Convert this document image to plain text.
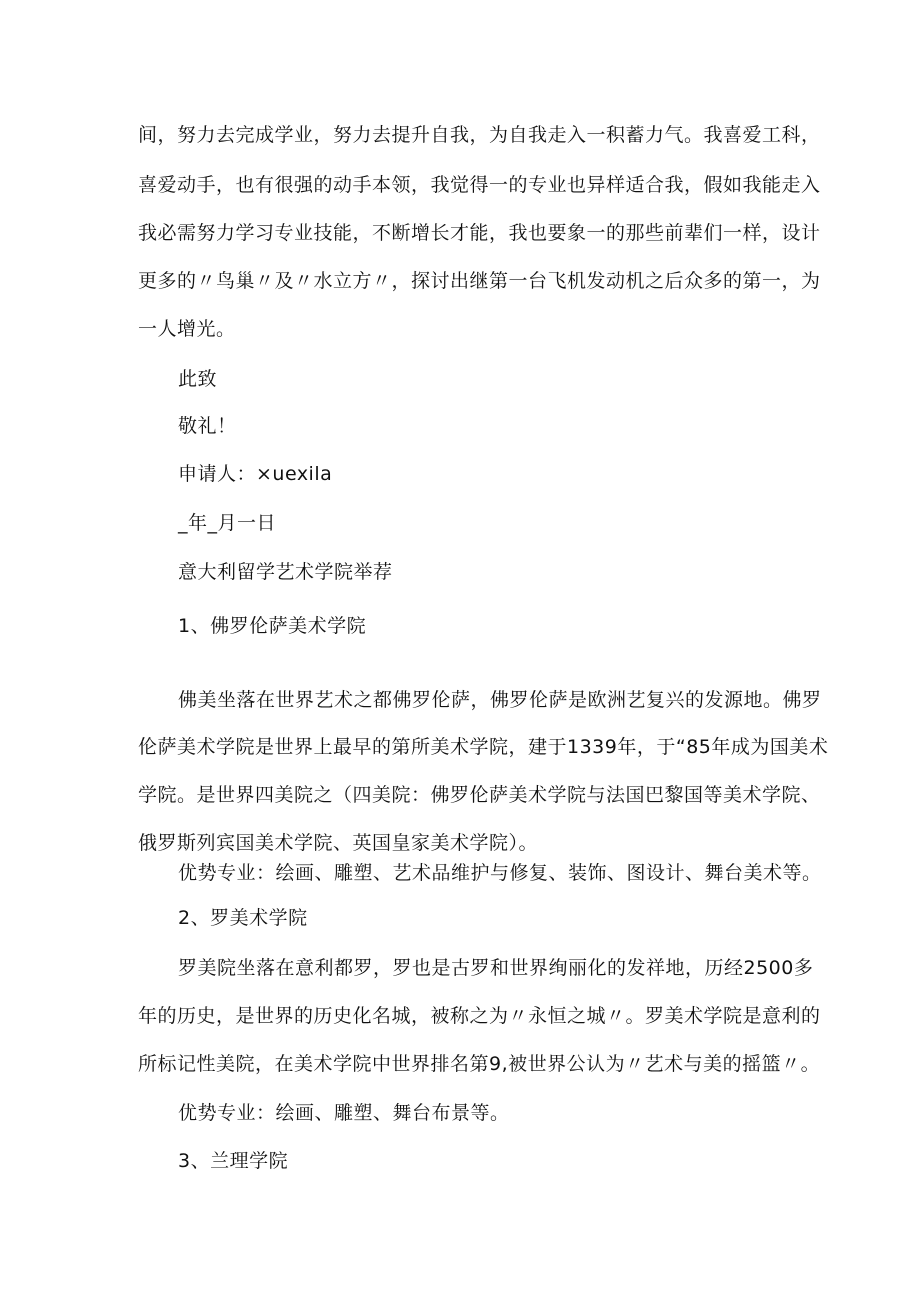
间，努力去完成学业，努力去提升自我，为自我走入一积蓄力气。我喜爱工科，
喜爱动手，也有很强的动手本领，我觉得一的专业也异样适合我，假如我能走入
我必需努力学习专业技能，不断增长才能，我也要象一的那些前辈们一样，设计
更多的〃鸟巢〃及〃水立方〃，探讨出继第一台飞机发动机之后众多的第一，为
一人增光。
此致
敬礼！
申请人：×uexila
_年_月一日
意大利留学艺术学院举荐
1、佛罗伦萨美术学院
佛美坐落在世界艺术之都佛罗伦萨，佛罗伦萨是欧洲艺复兴的发源地。佛罗
伦萨美术学院是世界上最早的第所美术学院，建于1339年，于“85年成为国美术
学院。是世界四美院之（四美院：佛罗伦萨美术学院与法国巴黎国等美术学院、
俄罗斯列宾国美术学院、英国皇家美术学院）。
优势专业：绘画、雕塑、艺术品维护与修复、装饰、图设计、舞台美术等。
2、罗美术学院
罗美院坐落在意利都罗，罗也是古罗和世界绚丽化的发祥地，历经2500多
年的历史，是世界的历史化名城，被称之为〃永恒之城〃。罗美术学院是意利的
所标记性美院，在美术学院中世界排名第9,被世界公认为〃艺术与美的摇篮〃。
优势专业：绘画、雕塑、舞台布景等。
3、兰理学院
